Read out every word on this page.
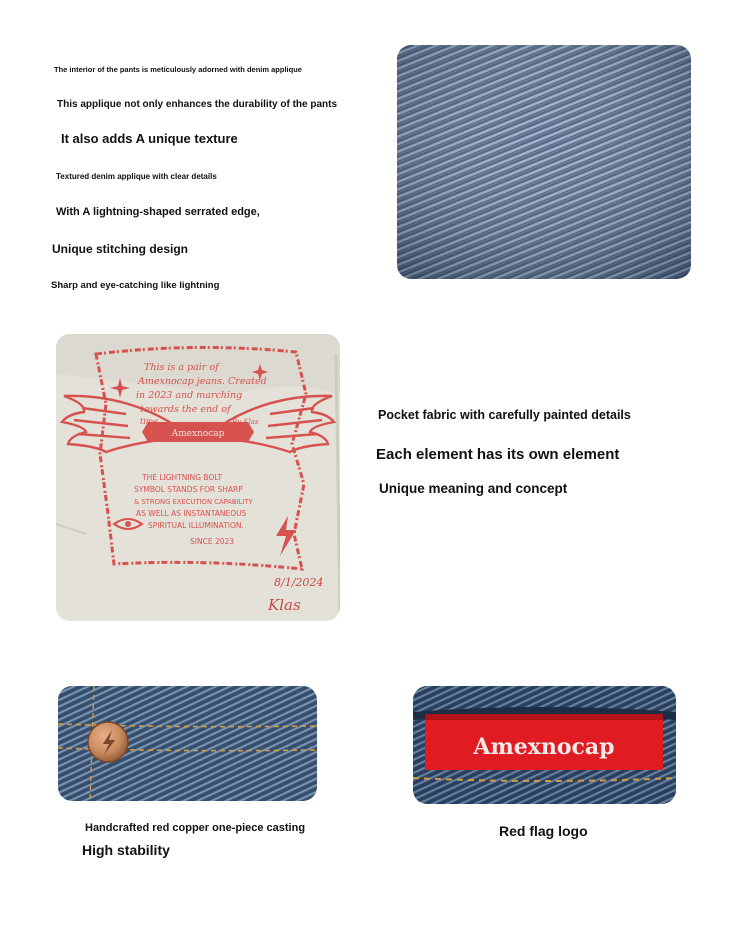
The interior of the pants is meticulously adorned with denim applique
This applique not only enhances the durability of the pants
It also adds A unique texture
Textured denim applique with clear details
With A lightning-shaped serrated edge,
Unique stitching design
Sharp and eye-catching like lightning
Amexnocap
This is a pair of
Amexnocap jeans. Created
in 2023 and marching
towards the end of
time.	By Klas
THE LIGHTNING BOLT
SYMBOL STANDS FOR SHARP
& STRONG EXECUTION CAPABILITY
AS WELL AS INSTANTANEOUS
SPIRITUAL ILLUMINATION.
SINCE 2023
8/1/2024
Klas
Pocket fabric with carefully painted details
Each element has its own element
Unique meaning and concept
Amexnocap
Handcrafted red copper one-piece casting
High stability
Red flag logo
